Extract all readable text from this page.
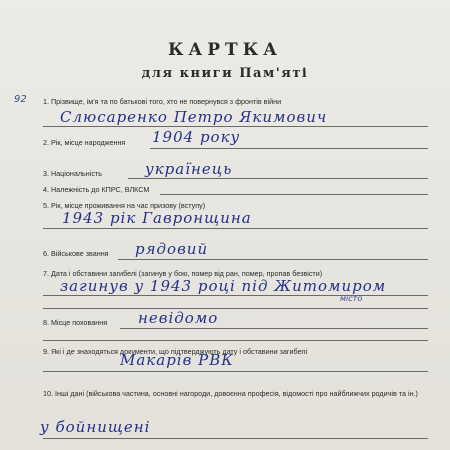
КАРТКА
для книги Пам'яті
92 1. Прізвище, ім'я та по батькові того, хто не повернувся з фронтів війни
Слюсаренко Петро Якимович
2. Рік, місце народження 1904 року
3. Національність	українець
4. Належність до КПРС, ВЛКСМ
5. Рік, місце проживання на час призову (вступу)
1943 рік Гавронщина
6. Військове звання рядовий
7. Дата і обставини загибелі (загинув у бою, помер від ран, помер, пропав безвісти)
загинув у 1943 році під Житомиром
місто
8. Місце поховання невідомо
9. Які і де знаходяться документи, що підтверджують дату і обставини загибелі
Макарів РВК
10. Інші дані (військова частина, основні нагороди, довоєнна професія, відомості про найближчих родичів та ін.)
у бойнищені
